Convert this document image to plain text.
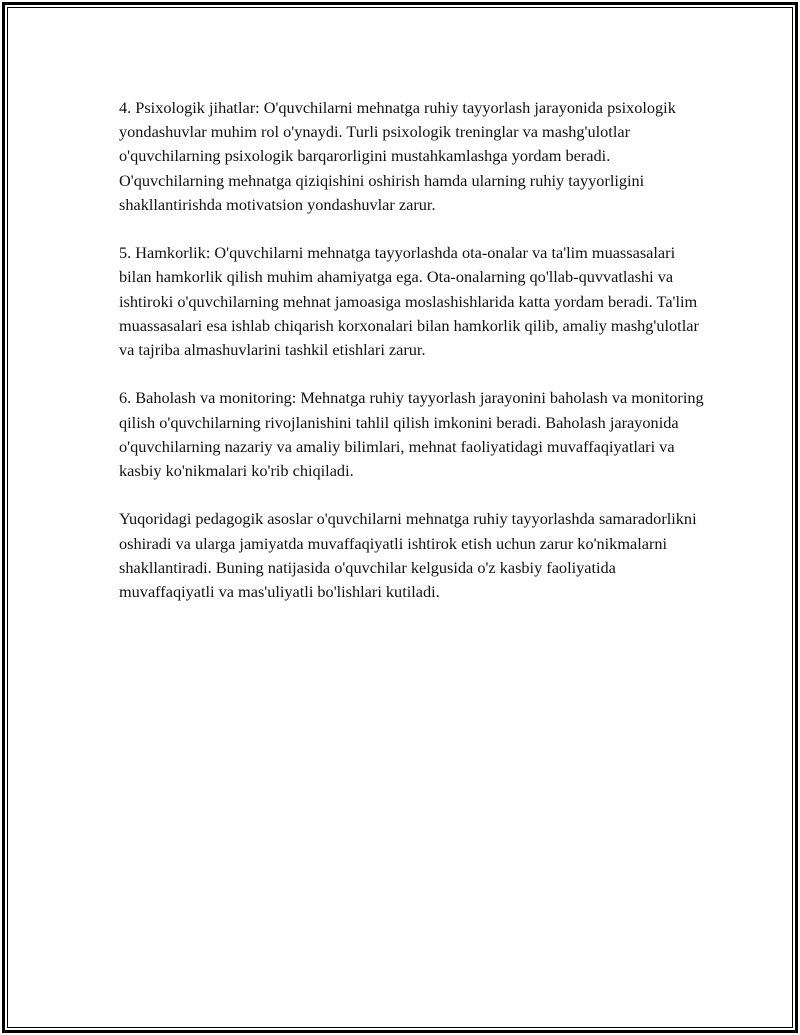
4. Psixologik jihatlar: O'quvchilarni mehnatga ruhiy tayyorlash jarayonida psixologik yondashuvlar muhim rol o'ynaydi. Turli psixologik treninglar va mashg'ulotlar o'quvchilarning psixologik barqarorligini mustahkamlashga yordam beradi. O'quvchilarning mehnatga qiziqishini oshirish hamda ularning ruhiy tayyorligini shakllantirishda motivatsion yondashuvlar zarur.

5. Hamkorlik: O'quvchilarni mehnatga tayyorlashda ota-onalar va ta'lim muassasalari bilan hamkorlik qilish muhim ahamiyatga ega. Ota-onalarning qo'llab-quvvatlashi va ishtiroki o'quvchilarning mehnat jamoasiga moslashishlarida katta yordam beradi. Ta'lim muassasalari esa ishlab chiqarish korxonalari bilan hamkorlik qilib, amaliy mashg'ulotlar va tajriba almashuvlarini tashkil etishlari zarur.

6. Baholash va monitoring: Mehnatga ruhiy tayyorlash jarayonini baholash va monitoring qilish o'quvchilarning rivojlanishini tahlil qilish imkonini beradi. Baholash jarayonida o'quvchilarning nazariy va amaliy bilimlari, mehnat faoliyatidagi muvaffaqiyatlari va kasbiy ko'nikmalari ko'rib chiqiladi.

Yuqoridagi pedagogik asoslar o'quvchilarni mehnatga ruhiy tayyorlashda samaradorlikni oshiradi va ularga jamiyatda muvaffaqiyatli ishtirok etish uchun zarur ko'nikmalarni shakllantiradi. Buning natijasida o'quvchilar kelgusida o'z kasbiy faoliyatida muvaffaqiyatli va mas'uliyatli bo'lishlari kutiladi.
